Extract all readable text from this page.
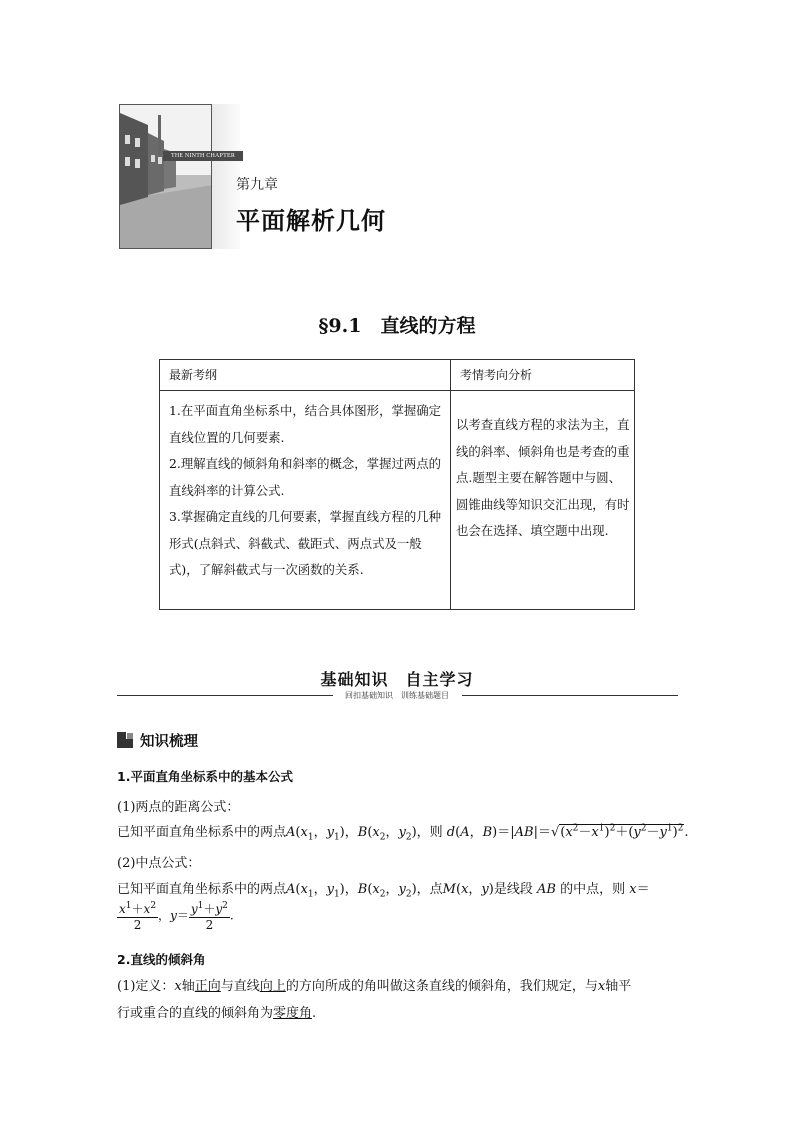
THE NINTH CHAPTER
第九章
平面解析几何
§9.1　直线的方程
最新考纲	考情考向分析
1.在平面直角坐标系中，结合具体图形，掌握确定直线位置的几何要素.
2.理解直线的倾斜角和斜率的概念，掌握过两点的直线斜率的计算公式.
3.掌握确定直线的几何要素，掌握直线方程的几种形式(点斜式、斜截式、截距式、两点式及一般式)，了解斜截式与一次函数的关系.
以考查直线方程的求法为主，直线的斜率、倾斜角也是考查的重点.题型主要在解答题中与圆、圆锥曲线等知识交汇出现，有时也会在选择、填空题中出现.
基础知识　自主学习
回扣基础知识　训练基础题目
知识梳理
1.平面直角坐标系中的基本公式
(1)两点的距离公式：
已知平面直角坐标系中的两点$A(x_1$，$y_1$)，$B(x_2$，$y_2$)，则 d(A，$B)=|AB|=√(x^2-x^1)^2+(y^2-y^1)^2$.
(2)中点公式：
已知平面直角坐标系中的两点$A(x_1$，$y_1$)，$B(x_2$，$y_2$)，点M(x，y)是线段 AB 的中点，则 x＝
$\frac{x^1+x^2}{2}$ ，$y= \frac{y^1+y^2}{2}$ .
2.直线的倾斜角
(1)定义：x轴正向与直线向上的方向所成的角叫做这条直线的倾斜角，我们规定，与x轴平
行或重合的直线的倾斜角为零度角.
